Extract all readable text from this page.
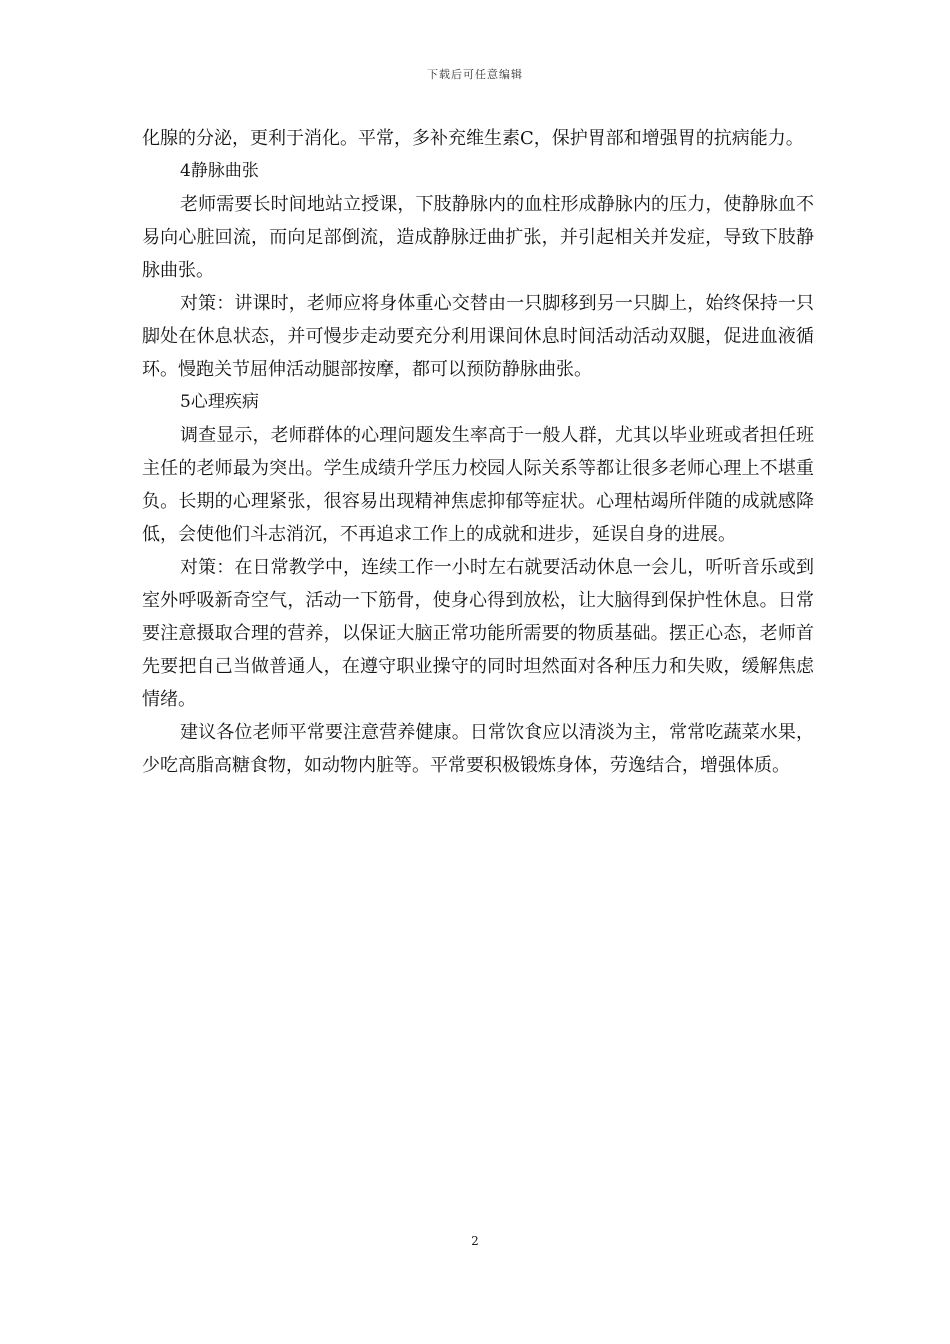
下载后可任意编辑

化腺的分泌，更利于消化。平常，多补充维生素C，保护胃部和增强胃的抗病能力。

4静脉曲张

老师需要长时间地站立授课，下肢静脉内的血柱形成静脉内的压力，使静脉血不易向心脏回流，而向足部倒流，造成静脉迂曲扩张，并引起相关并发症，导致下肢静脉曲张。

对策：讲课时，老师应将身体重心交替由一只脚移到另一只脚上，始终保持一只脚处在休息状态，并可慢步走动要充分利用课间休息时间活动活动双腿，促进血液循环。慢跑关节屈伸活动腿部按摩，都可以预防静脉曲张。

5心理疾病

调查显示，老师群体的心理问题发生率高于一般人群，尤其以毕业班或者担任班主任的老师最为突出。学生成绩升学压力校园人际关系等都让很多老师心理上不堪重负。长期的心理紧张，很容易出现精神焦虑抑郁等症状。心理枯竭所伴随的成就感降低，会使他们斗志消沉，不再追求工作上的成就和进步，延误自身的进展。

对策：在日常教学中，连续工作一小时左右就要活动休息一会儿，听听音乐或到室外呼吸新奇空气，活动一下筋骨，使身心得到放松，让大脑得到保护性休息。日常要注意摄取合理的营养，以保证大脑正常功能所需要的物质基础。摆正心态，老师首先要把自己当做普通人，在遵守职业操守的同时坦然面对各种压力和失败，缓解焦虑情绪。

建议各位老师平常要注意营养健康。日常饮食应以清淡为主，常常吃蔬菜水果，少吃高脂高糖食物，如动物内脏等。平常要积极锻炼身体，劳逸结合，增强体质。

2
